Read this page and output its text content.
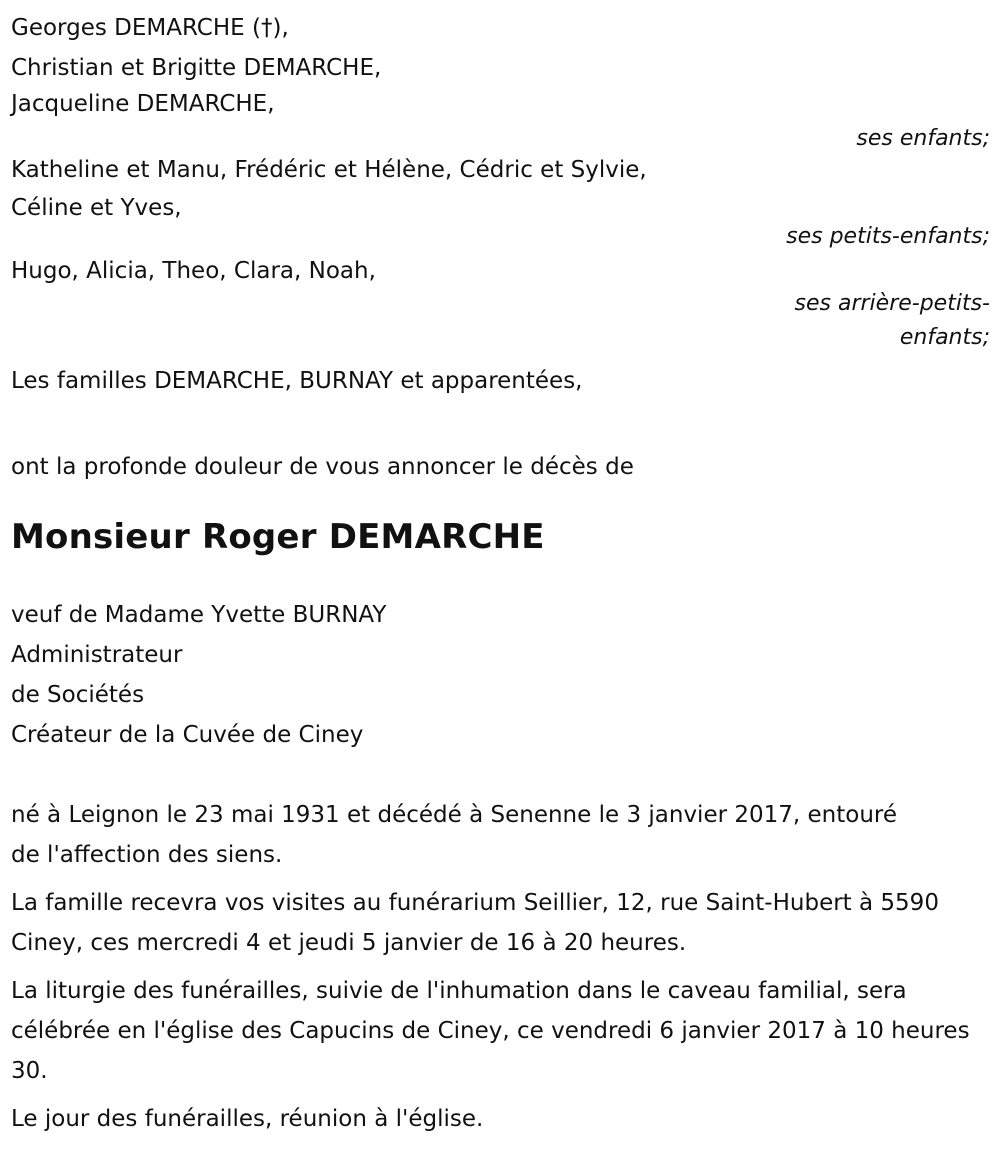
Georges DEMARCHE (†),
Christian et Brigitte DEMARCHE,
Jacqueline DEMARCHE,
ses enfants;
Katheline et Manu, Frédéric et Hélène, Cédric et Sylvie,
Céline et Yves,
ses petits-enfants;
Hugo, Alicia, Theo, Clara, Noah,
ses arrière-petits-
enfants;
Les familles DEMARCHE, BURNAY et apparentées,
ont la profonde douleur de vous annoncer le décès de
Monsieur Roger DEMARCHE
veuf de Madame Yvette BURNAY
Administrateur
de Sociétés
Créateur de la Cuvée de Ciney

né à Leignon le 23 mai 1931 et décédé à Senenne le 3 janvier 2017, entouré de l'affection des siens.

La famille recevra vos visites au funérarium Seillier, 12, rue Saint-Hubert à 5590 Ciney, ces mercredi 4 et jeudi 5 janvier de 16 à 20 heures.

La liturgie des funérailles, suivie de l'inhumation dans le caveau familial, sera célébrée en l'église des Capucins de Ciney, ce vendredi 6 janvier 2017 à 10 heures 30.

Le jour des funérailles, réunion à l'église.
